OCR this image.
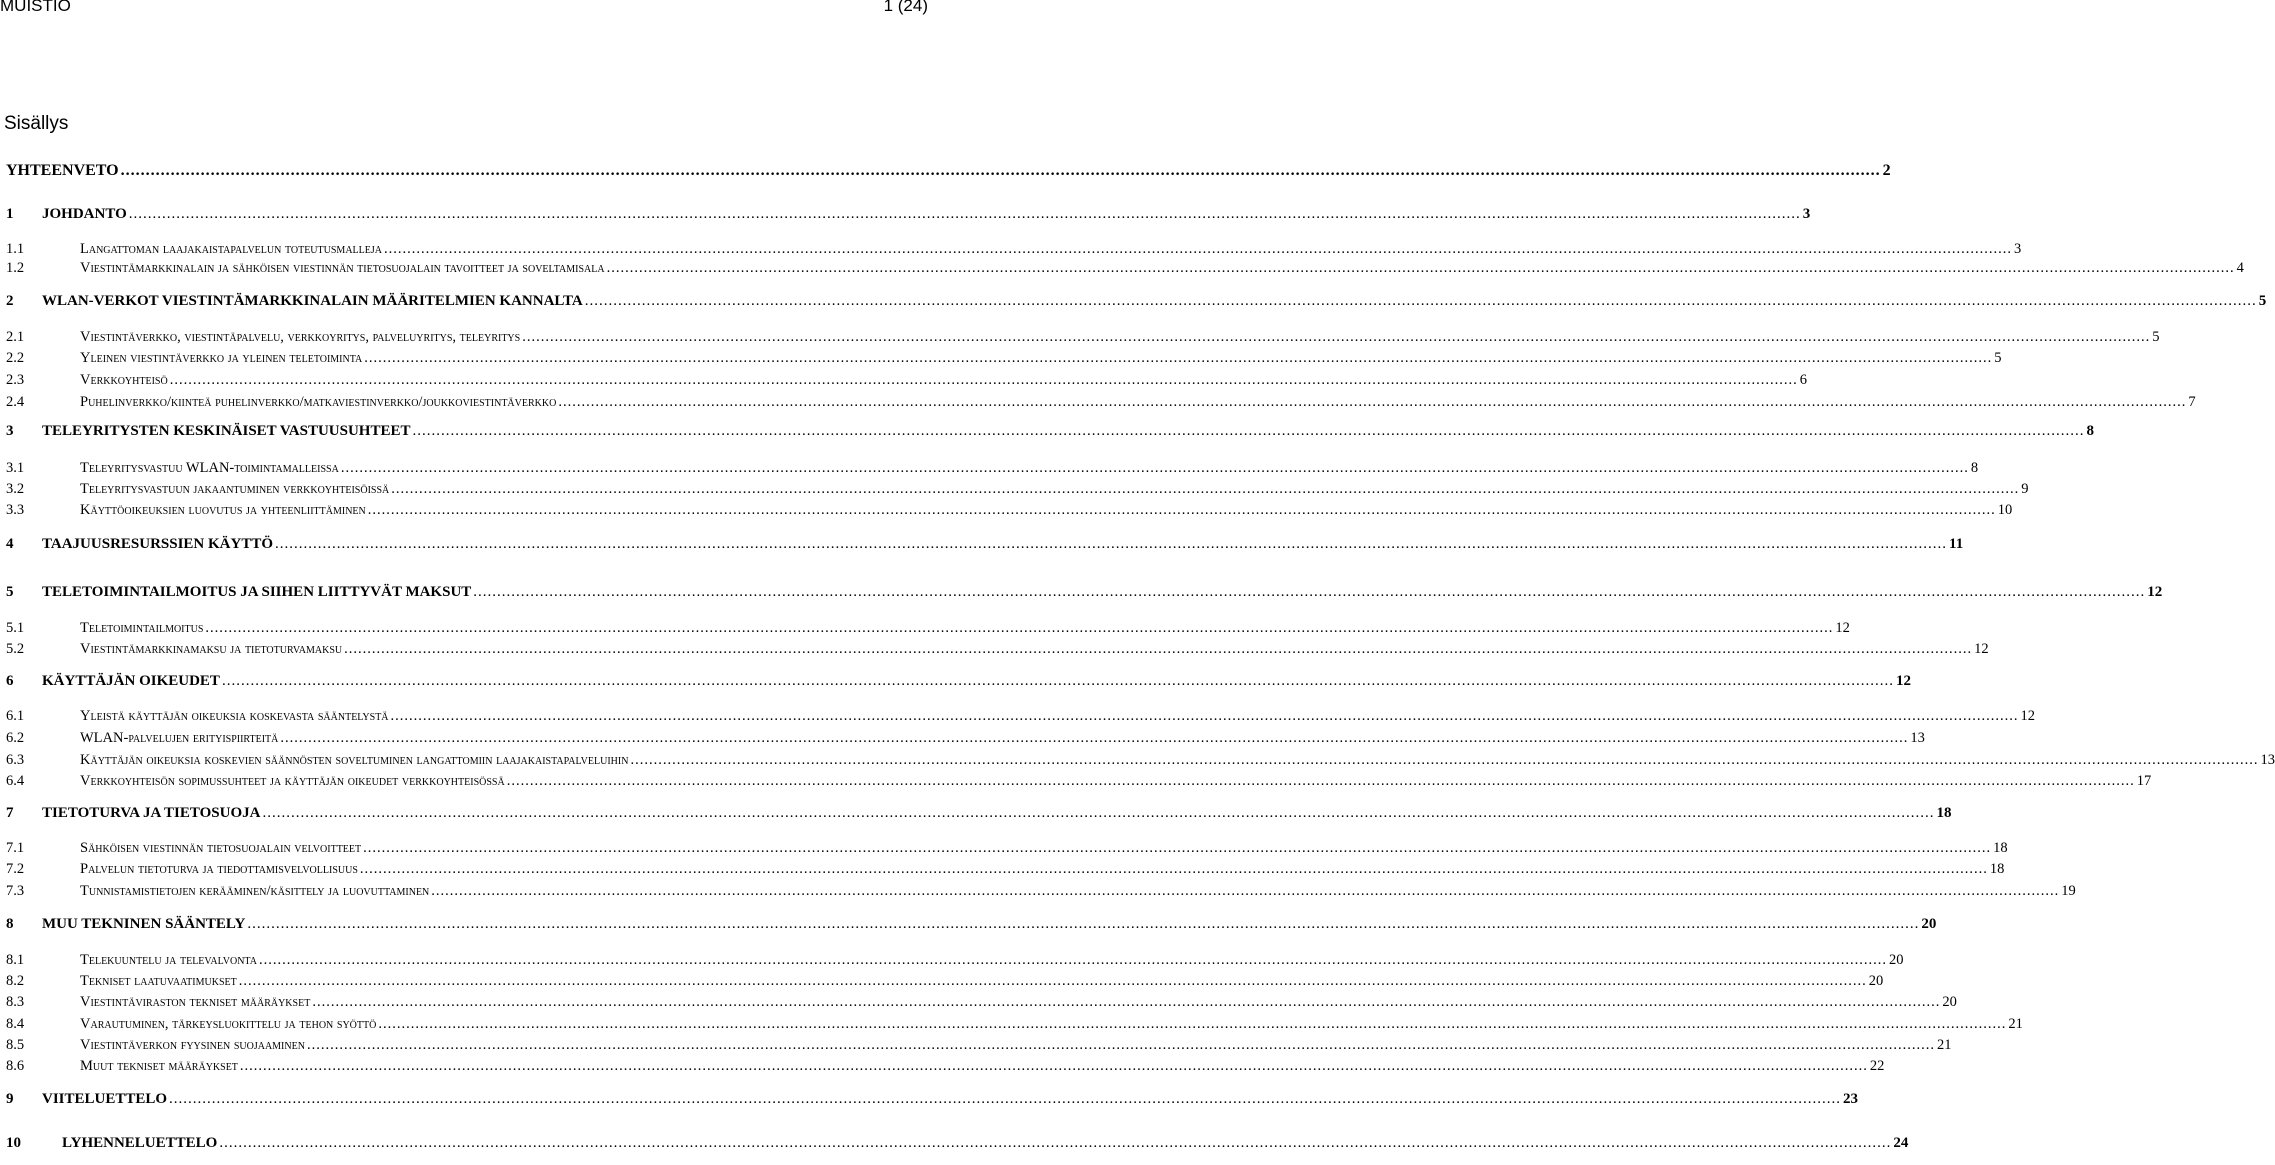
MUISTIO	1 (24)
Sisällys
YHTEENVETO .....	2
1	JOHDANTO .....	3
1.1	Langattoman laajakaistapalvelun toteutusmalleja .....	3
1.2	Viestintämarkkinalain ja sähköisen viestinnän tietosuojalain tavoitteet ja soveltamisala .....	4
2	WLAN-VERKOT VIESTINTÄMARKKINALAIN MÄÄRITELMIEN KANNALTA .....	5
2.1	Viestintäverkko, viestintäpalvelu, verkkoyritys, palveluyritys, teleyritys .....	5
2.2	Yleinen viestintäverkko ja yleinen teletoiminta .....	5
2.3	Verkkoyhteisö .....	6
2.4	Puhelinverkko/kiinteä puhelinverkko/matkaviestinverkko/joukkoviestintäverkko .....	7
3	TELEYRITYSTEN KESKINÄISET VASTUUSUHTEET .....	8
3.1	Teleyritysvastuu WLAN-toimintamalleissa .....	8
3.2	Teleyritysvastuun jakaantuminen verkkoyhteisöissä .....	9
3.3	Käyttöoikeuksien luovutus ja yhteenliittäminen .....	10
4	TAAJUUSRESURSSIEN KÄYTTÖ .....	11
5	TELETOIMINTAILMOITUS JA SIIHEN LIITTYVÄT MAKSUT .....	12
5.1	Teletoimintailmoitus .....	12
5.2	Viestintämarkkinamaksu ja tietoturvamaksu .....	12
6	KÄYTTÄJÄN OIKEUDET .....	12
6.1	Yleistä käyttäjän oikeuksia koskevasta sääntelystä .....	12
6.2	WLAN-palvelujen erityispiirteitä .....	13
6.3	Käyttäjän oikeuksia koskevien säännösten soveltuminen langattomiin laajakaistapalveluihin .....	13
6.4	Verkkoyhteisön sopimussuhteet ja käyttäjän oikeudet verkkoyhteisössä .....	17
7	TIETOTURVA JA TIETOSUOJA .....	18
7.1	Sähköisen viestinnän tietosuojalain velvoitteet .....	18
7.2	Palvelun tietoturva ja tiedottamisvelvollisuus .....	18
7.3	Tunnistamistietojen kerääminen/käsittely ja luovuttaminen .....	19
8	MUU TEKNINEN SÄÄNTELY .....	20
8.1	Telekuuntelu ja televalvonta .....	20
8.2	Tekniset laatuvaatimukset .....	20
8.3	Viestintäviraston tekniset määräykset .....	20
8.4	Varautuminen, tärkeysluokittelu ja tehon syöttö .....	21
8.5	Viestintäverkon fyysinen suojaaminen .....	21
8.6	Muut tekniset määräykset .....	22
9	VIITELUETTELO .....	23
10	LYHENNELUETTELO .....	24
